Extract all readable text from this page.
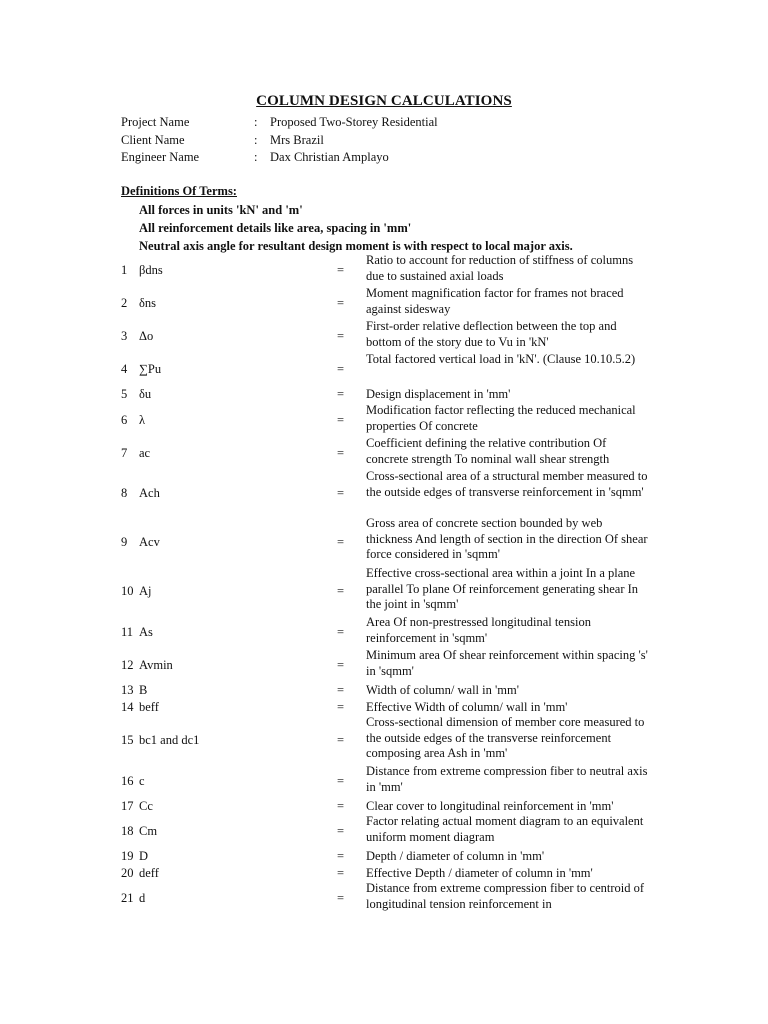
COLUMN DESIGN CALCULATIONS
Project Name	: Proposed Two-Storey Residential
Client Name	: Mrs Brazil
Engineer Name	: Dax Christian Amplayo
Definitions Of Terms:
All forces in units 'kN' and 'm'
All reinforcement details like area, spacing in 'mm'
Neutral axis angle for resultant design moment is with respect to local major axis.
1 βdns	=
Ratio to account for reduction of stiffness of columns due to sustained axial loads
2 δns	=
Moment magnification factor for frames not braced against sidesway
3 Δo	=
First-order relative deflection between the top and bottom of the story due to Vu in 'kN'
4 ∑Pu	=
Total factored vertical load in 'kN'. (Clause 10.10.5.2)
5 δu	= Design displacement in 'mm'
6 λ	=
Modification factor reflecting the reduced mechanical properties Of concrete
7 ac	=
Coefficient defining the relative contribution Of concrete strength To nominal wall shear strength
8 Ach	=
Cross-sectional area of a structural member measured to the outside edges of transverse reinforcement in 'sqmm'
9 Acv	=
Gross area of concrete section bounded by web thickness And length of section in the direction Of shear force considered in 'sqmm'
10 Aj	=
Effective cross-sectional area within a joint In a plane parallel To plane Of reinforcement generating shear In the joint in 'sqmm'
11 As	=
Area Of non-prestressed longitudinal tension reinforcement in 'sqmm'
12 Avmin	=
Minimum area Of shear reinforcement within spacing 's' in 'sqmm'
13 B	= Width of column/ wall in 'mm'
14 beff	= Effective Width of column/ wall in 'mm'
15 bc1 and dc1	=
Cross-sectional dimension of member core measured to the outside edges of the transverse reinforcement composing area Ash in 'mm'
16 c	=
Distance from extreme compression fiber to neutral axis in 'mm'
17 Cc	= Clear cover to longitudinal reinforcement in 'mm'
18 Cm	=
Factor relating actual moment diagram to an equivalent uniform moment diagram
19 D	= Depth / diameter of column in 'mm'
20 deff	= Effective Depth / diameter of column in 'mm'
21 d	=
Distance from extreme compression fiber to centroid of longitudinal tension reinforcement in
